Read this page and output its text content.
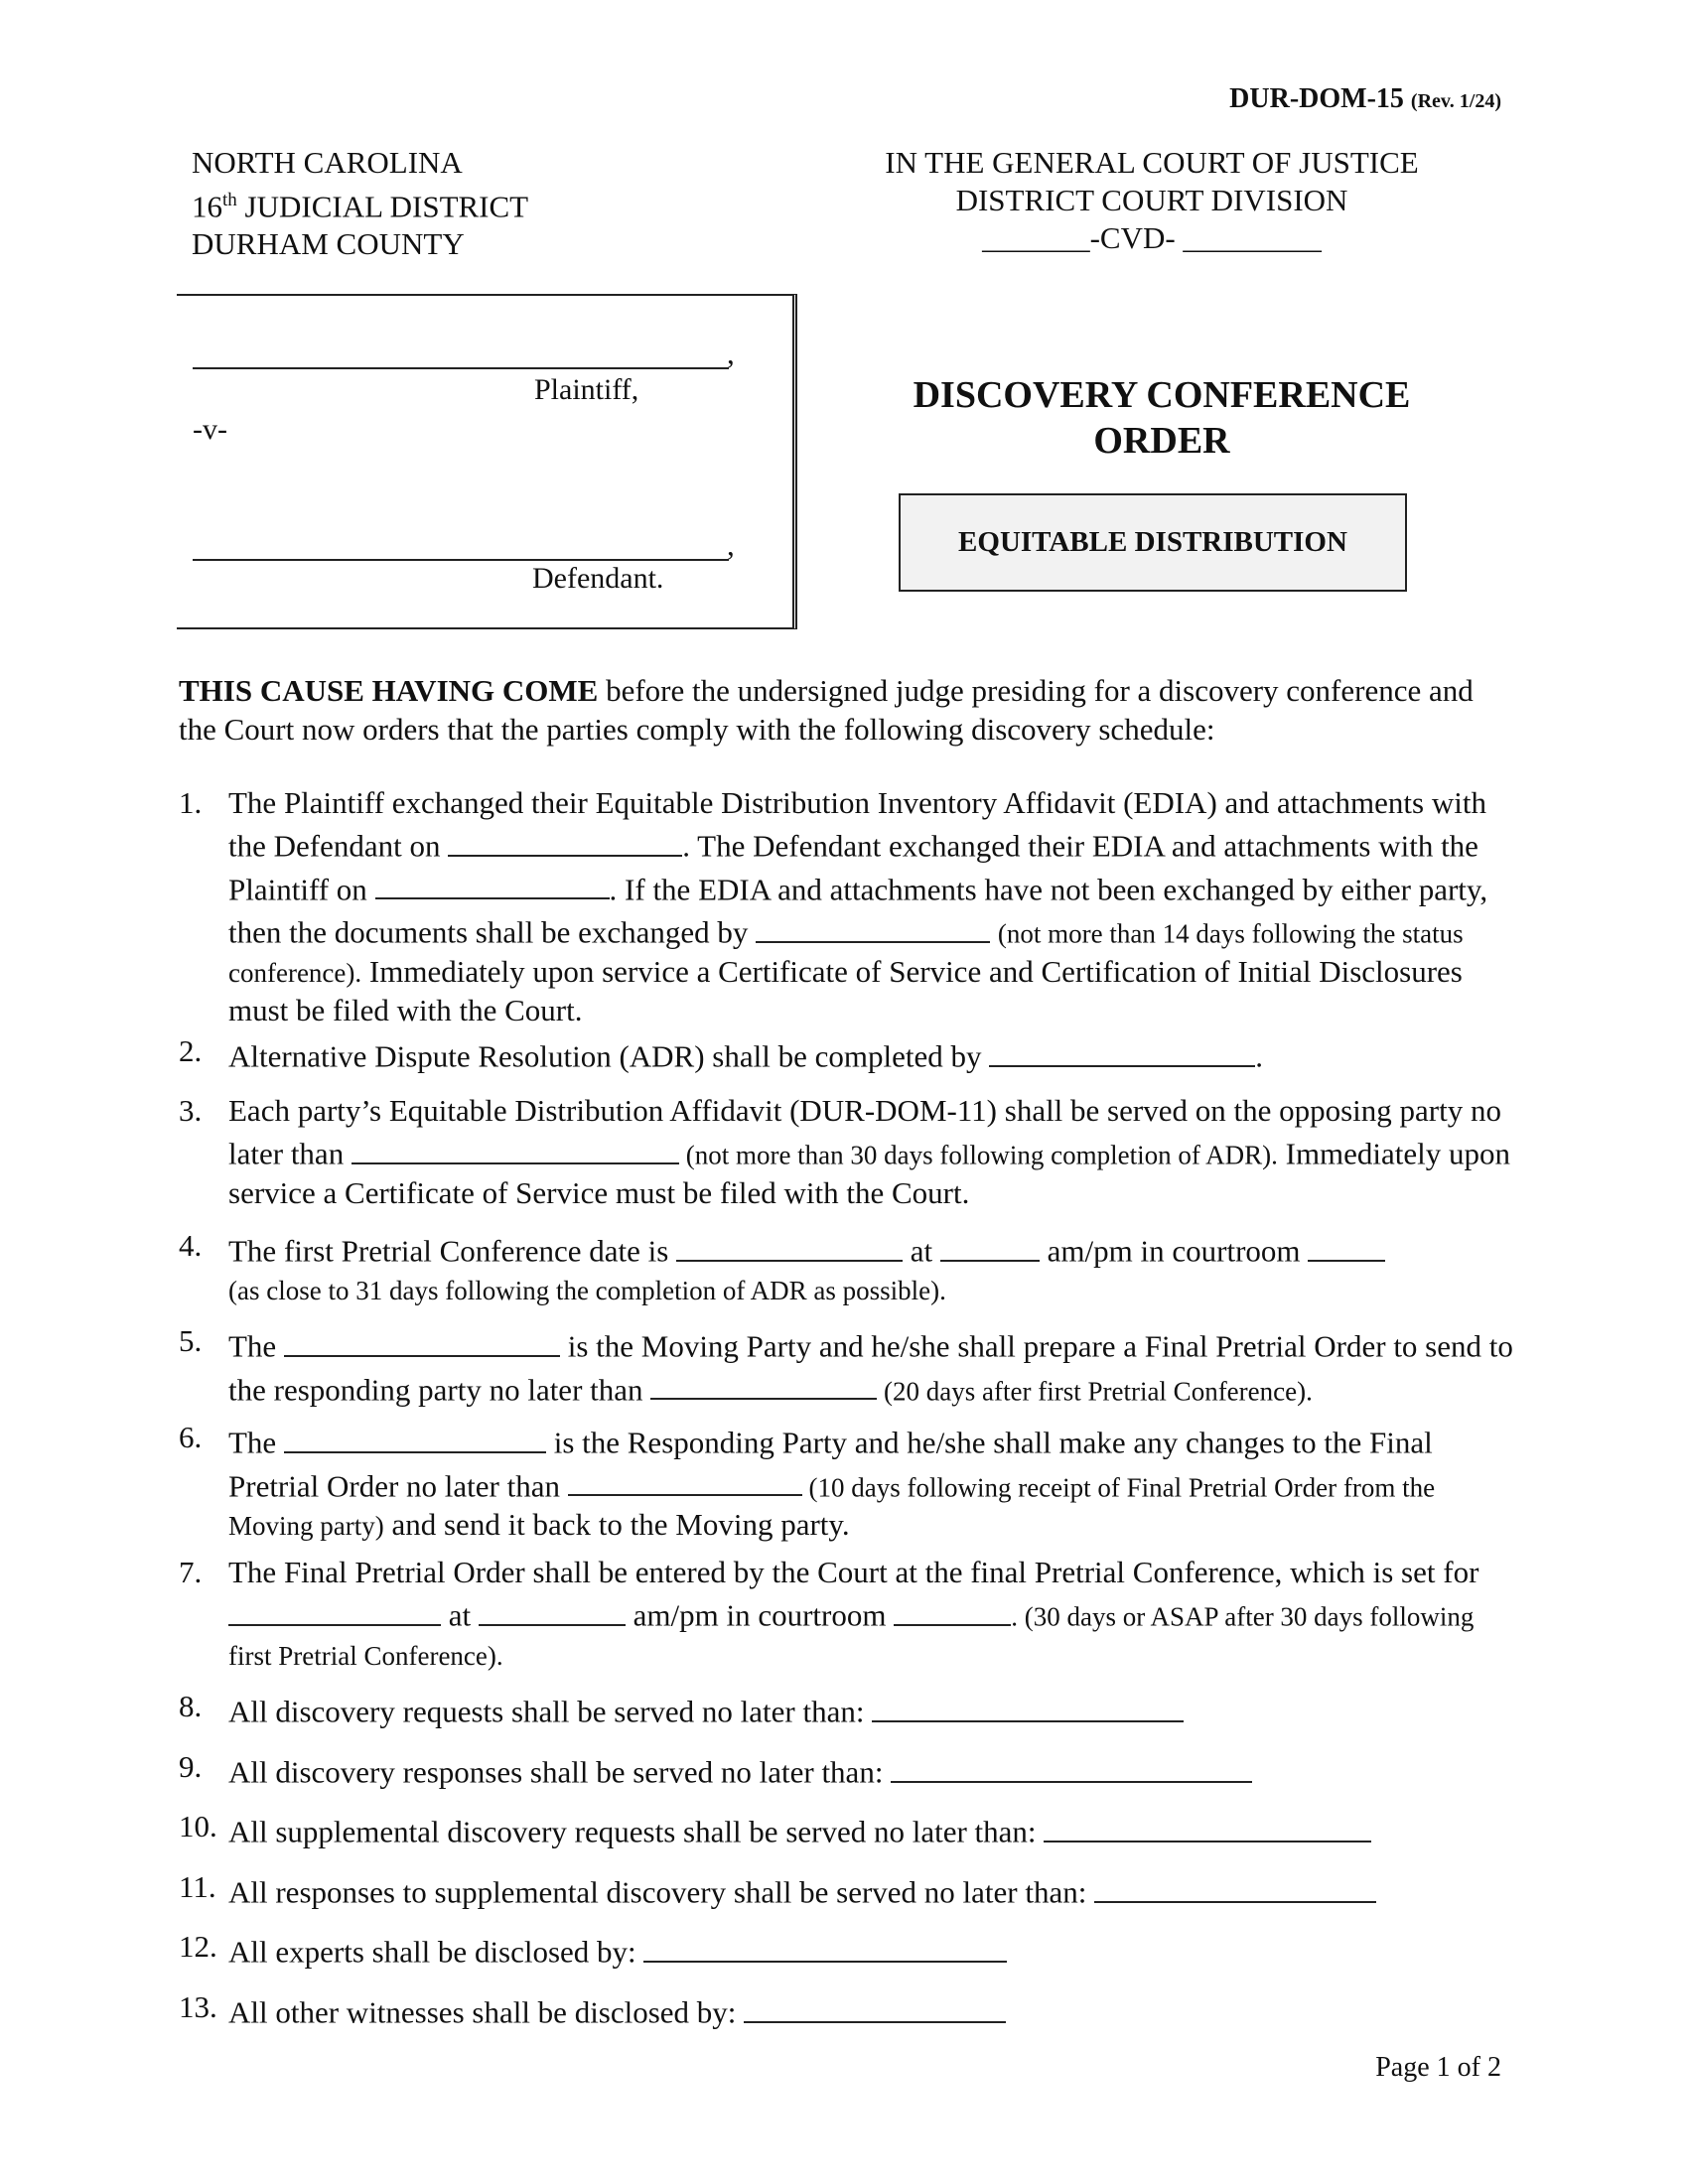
DUR-DOM-15 (Rev. 1/24)
NORTH CAROLINA
16th JUDICIAL DISTRICT
DURHAM COUNTY
IN THE GENERAL COURT OF JUSTICE
DISTRICT COURT DIVISION
_______-CVD- _________
,
Plaintiff,
-v-
,
Defendant.
DISCOVERY CONFERENCE
ORDER
EQUITABLE DISTRIBUTION
THIS CAUSE HAVING COME before the undersigned judge presiding for a discovery conference and the Court now orders that the parties comply with the following discovery schedule:
1. The Plaintiff exchanged their Equitable Distribution Inventory Affidavit (EDIA) and attachments with the Defendant on	. The Defendant exchanged their EDIA and attachments with the Plaintiff on	. If the EDIA and attachments have not been exchanged by either party, then the documents shall be exchanged by	(not more than 14 days following the status conference). Immediately upon service a Certificate of Service and Certification of Initial Disclosures must be filed with the Court.
2. Alternative Dispute Resolution (ADR) shall be completed by	.
3. Each party’s Equitable Distribution Affidavit (DUR-DOM-11) shall be served on the opposing party no later than	(not more than 30 days following completion of ADR). Immediately upon service a Certificate of Service must be filed with the Court.
4. The first Pretrial Conference date is	at	am/pm in courtroom
(as close to 31 days following the completion of ADR as possible).
5. The	is the Moving Party and he/she shall prepare a Final Pretrial Order to send to the responding party no later than	(20 days after first Pretrial Conference).
6. The	is the Responding Party and he/she shall make any changes to the Final Pretrial Order no later than	(10 days following receipt of Final Pretrial Order from the Moving party) and send it back to the Moving party.
7. The Final Pretrial Order shall be entered by the Court at the final Pretrial Conference, which is set for  at	am/pm in courtroom	. (30 days or ASAP after 30 days following first Pretrial Conference).
8. All discovery requests shall be served no later than:
9. All discovery responses shall be served no later than:
10. All supplemental discovery requests shall be served no later than:
11. All responses to supplemental discovery shall be served no later than:
12. All experts shall be disclosed by:
13. All other witnesses shall be disclosed by:
Page 1 of 2
